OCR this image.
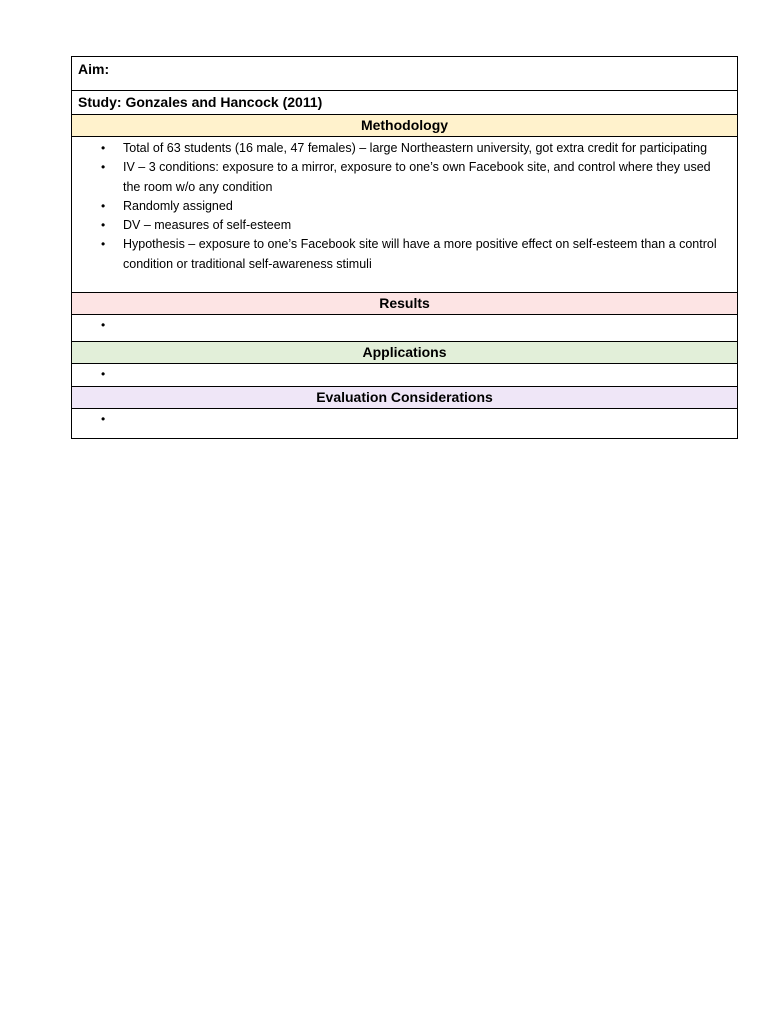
Aim:
Study: Gonzales and Hancock (2011)
Methodology
• Total of 63 students (16 male, 47 females) – large Northeastern university, got extra credit for participating
• IV – 3 conditions: exposure to a mirror, exposure to one’s own Facebook site, and control where they used the room w/o any condition
• Randomly assigned
• DV – measures of self-esteem
• Hypothesis – exposure to one’s Facebook site will have a more positive effect on self-esteem than a control condition or traditional self-awareness stimuli
Results
•
Applications
•
Evaluation Considerations
•
